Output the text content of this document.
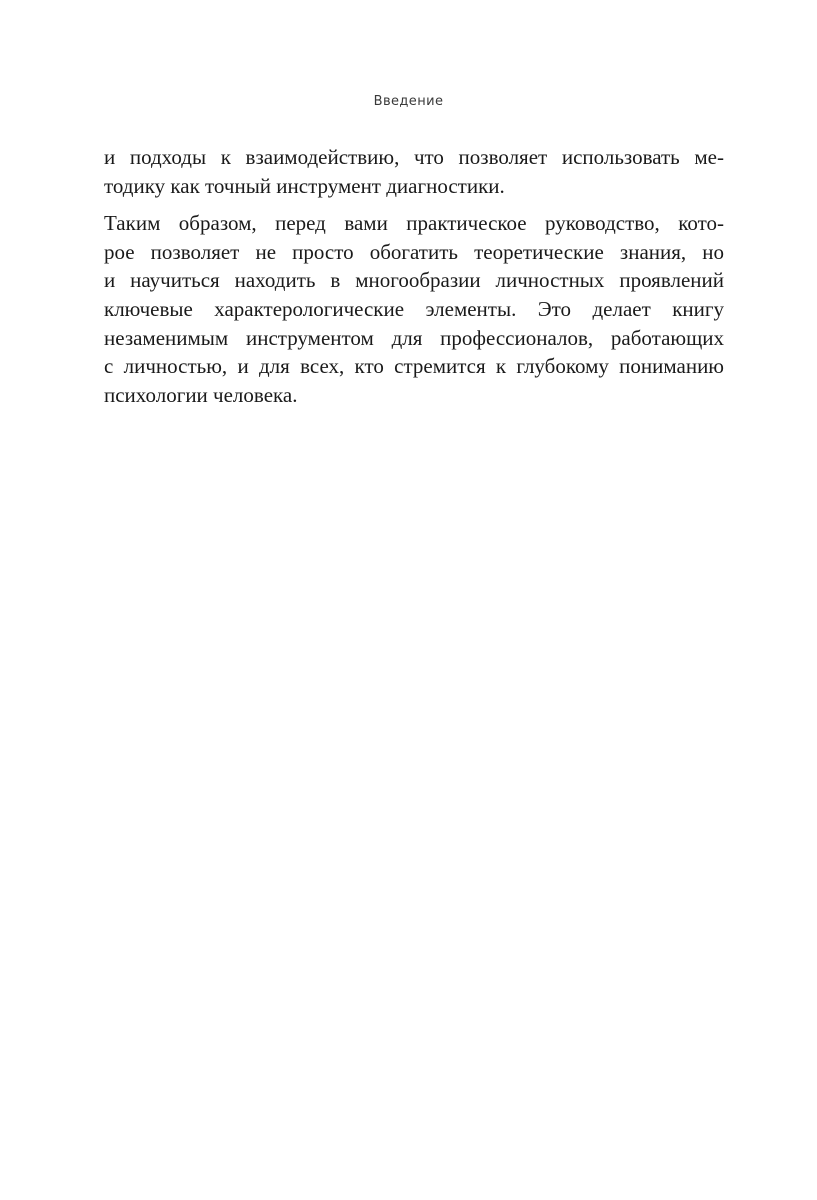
Введение
и подходы к взаимодействию, что позволяет использовать ме-
тодику как точный инструмент диагностики.
Таким образом, перед вами практическое руководство, кото-
рое позволяет не просто обогатить теоретические знания, но
и научиться находить в многообразии личностных проявлений
ключевые характерологические элементы. Это делает книгу
незаменимым инструментом для профессионалов, работающих
с личностью, и для всех, кто стремится к глубокому пониманию
психологии человека.
